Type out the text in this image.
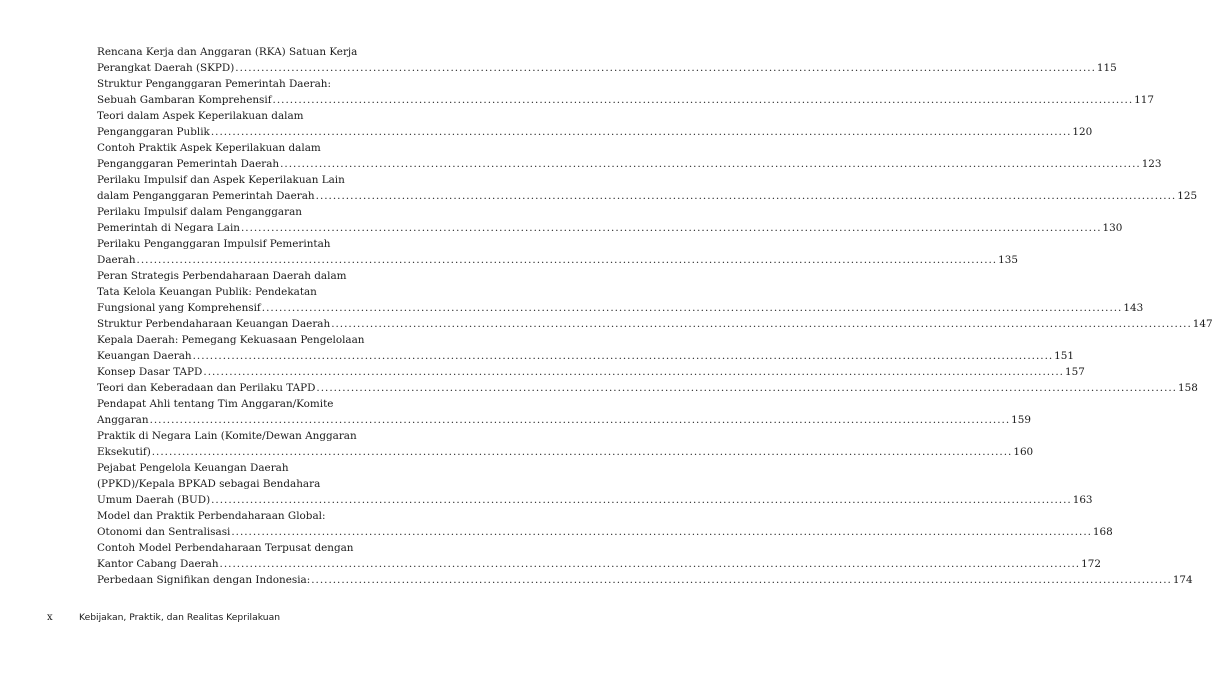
Rencana Kerja dan Anggaran (RKA) Satuan Kerja
Perangkat Daerah (SKPD) ........................................................................................................................................................................................................ 115
Struktur Penganggaran Pemerintah Daerah:
Sebuah Gambaran Komprehensif ........................................................................................................................................................................................................ 117
Teori dalam Aspek Keperilakuan dalam
Penganggaran Publik ........................................................................................................................................................................................................ 120
Contoh Praktik Aspek Keperilakuan dalam
Penganggaran Pemerintah Daerah ........................................................................................................................................................................................................ 123
Perilaku Impulsif dan Aspek Keperilakuan Lain
dalam Penganggaran Pemerintah Daerah ........................................................................................................................................................................................................ 125
Perilaku Impulsif dalam Penganggaran
Pemerintah di Negara Lain ........................................................................................................................................................................................................ 130
Perilaku Penganggaran Impulsif Pemerintah
Daerah ........................................................................................................................................................................................................ 135
Peran Strategis Perbendaharaan Daerah dalam
Tata Kelola Keuangan Publik: Pendekatan
Fungsional yang Komprehensif ........................................................................................................................................................................................................ 143
Struktur Perbendaharaan Keuangan Daerah ........................................................................................................................................................................................................ 147
Kepala Daerah: Pemegang Kekuasaan Pengelolaan
Keuangan Daerah ........................................................................................................................................................................................................ 151
Konsep Dasar TAPD ........................................................................................................................................................................................................ 157
Teori dan Keberadaan dan Perilaku TAPD ........................................................................................................................................................................................................ 158
Pendapat Ahli tentang Tim Anggaran/Komite
Anggaran ........................................................................................................................................................................................................ 159
Praktik di Negara Lain (Komite/Dewan Anggaran
Eksekutif) ........................................................................................................................................................................................................ 160
Pejabat Pengelola Keuangan Daerah
(PPKD)/Kepala BPKAD sebagai Bendahara
Umum Daerah (BUD) ........................................................................................................................................................................................................ 163
Model dan Praktik Perbendaharaan Global:
Otonomi dan Sentralisasi ........................................................................................................................................................................................................ 168
Contoh Model Perbendaharaan Terpusat dengan
Kantor Cabang Daerah ........................................................................................................................................................................................................ 172
Perbedaan Signifikan dengan Indonesia: ........................................................................................................................................................................................................ 174
x	Kebijakan, Praktik, dan Realitas Keprilakuan
